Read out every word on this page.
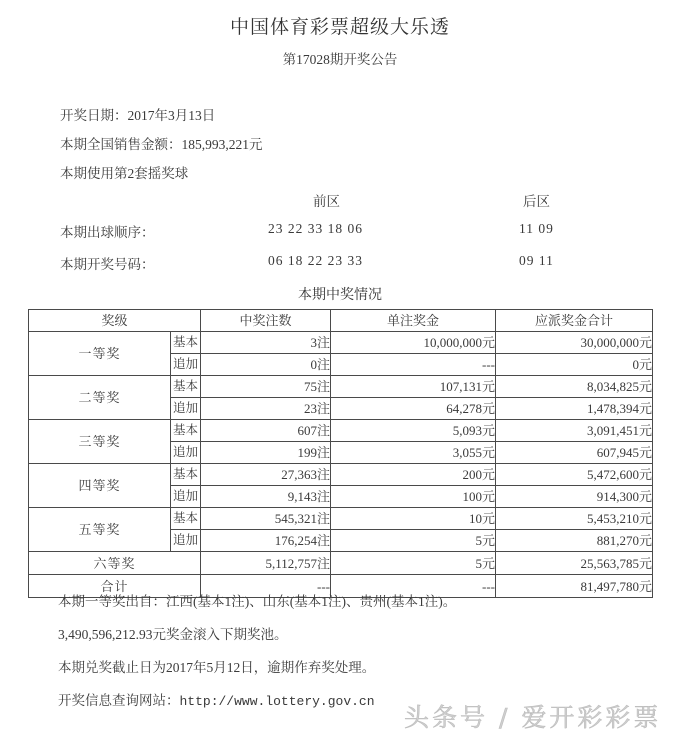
中国体育彩票超级大乐透
第17028期开奖公告
开奖日期：2017年3月13日
本期全国销售金额：185,993,221元
本期使用第2套摇奖球
前区	后区
本期出球顺序：	23 22 33 18 06	11 09
本期开奖号码：	06 18 22 23 33	09 11
本期中奖情况
奖级		中奖注数	单注奖金	应派奖金合计
一等奖	基本	3注	10,000,000元	30,000,000元
	追加	0注	---	0元
二等奖	基本	75注	107,131元	8,034,825元
	追加	23注	64,278元	1,478,394元
三等奖	基本	607注	5,093元	3,091,451元
	追加	199注	3,055元	607,945元
四等奖	基本	27,363注	200元	5,472,600元
	追加	9,143注	100元	914,300元
五等奖	基本	545,321注	10元	5,453,210元
	追加	176,254注	5元	881,270元
六等奖		5,112,757注	5元	25,563,785元
合计		---	---	81,497,780元
本期一等奖出自：江西(基本1注)、山东(基本1注)、贵州(基本1注)。
3,490,596,212.93元奖金滚入下期奖池。
本期兑奖截止日为2017年5月12日，逾期作弃奖处理。
开奖信息查询网站：http://www.lottery.gov.cn
头条号 / 爱开彩彩票
